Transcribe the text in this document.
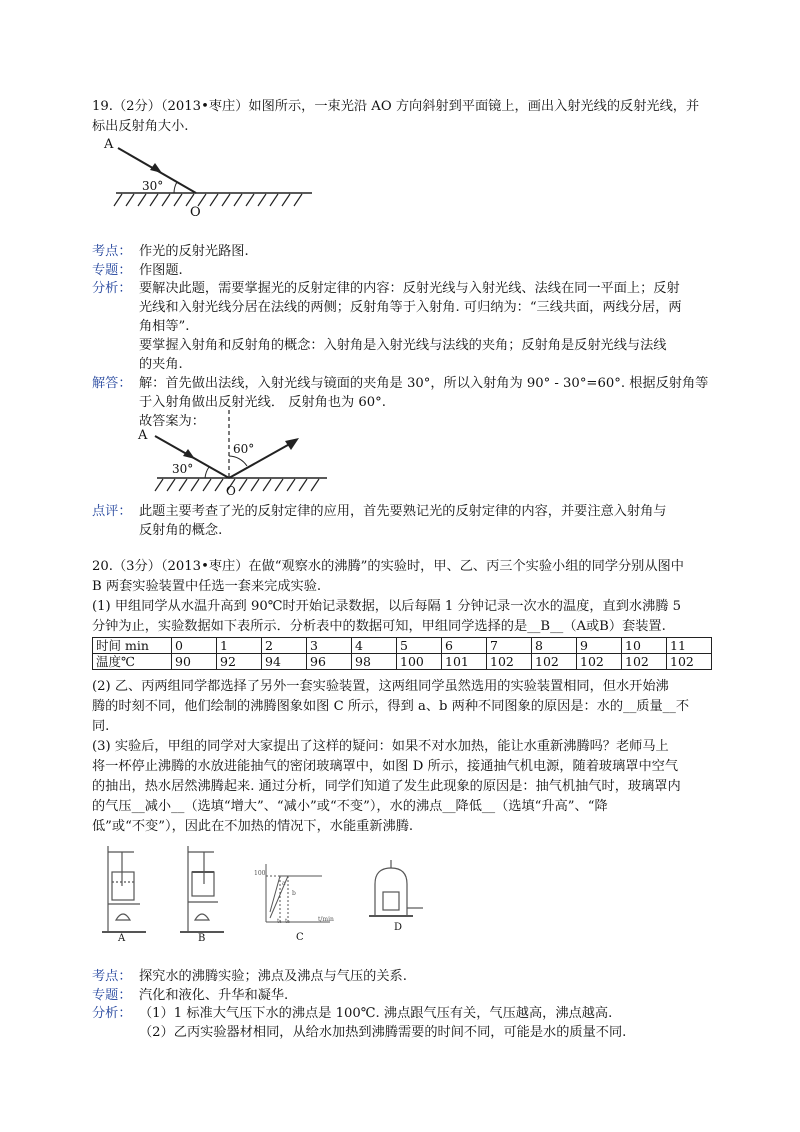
19.（2分）（2013•枣庄）如图所示，一束光沿 AO 方向斜射到平面镜上，画出入射光线的反射光线，并
标出反射角大小.
A
30°
O
考点： 作光的反射光路图.
专题： 作图题.
分析： 要解决此题，需要掌握光的反射定律的内容：反射光线与入射光线、法线在同一平面上；反射
光线和入射光线分居在法线的两侧；反射角等于入射角. 可归纳为：“三线共面，两线分居，两
角相等”.
要掌握入射角和反射角的概念：入射角是入射光线与法线的夹角；反射角是反射光线与法线
的夹角.
解答： 解：首先做出法线，入射光线与镜面的夹角是 30°，所以入射角为 90° - 30°=60°. 根据反射角等
于入射角做出反射光线． 反射角也为 60°.
故答案为：
A
60°
30°
O
点评： 此题主要考查了光的反射定律的应用，首先要熟记光的反射定律的内容，并要注意入射角与
反射角的概念.
20.（3分）（2013•枣庄）在做“观察水的沸腾”的实验时，甲、乙、丙三个实验小组的同学分别从图中
B 两套实验装置中任选一套来完成实验.
(1) 甲组同学从水温升高到 90℃时开始记录数据，以后每隔 1 分钟记录一次水的温度，直到水沸腾 5
分钟为止，实验数据如下表所示．分析表中的数据可知，甲组同学选择的是__B__（A或B）套装置.
时间 min	0	1	2	3	4	5	6	7	8	9	10	11
温度℃	90	92	94	96	98	100	101	102	102	102	102	102
(2) 乙、丙两组同学都选择了另外一套实验装置，这两组同学虽然选用的实验装置相同，但水开始沸
腾的时刻不同，他们绘制的沸腾图象如图 C 所示，得到 a、b 两种不同图象的原因是：水的__质量__不
同.
(3) 实验后，甲组的同学对大家提出了这样的疑问：如果不对水加热，能让水重新沸腾吗？老师马上
将一杯停止沸腾的水放进能抽气的密闭玻璃罩中，如图 D 所示，接通抽气机电源，随着玻璃罩中空气
的抽出，热水居然沸腾起来. 通过分析，同学们知道了发生此现象的原因是：抽气机抽气时，玻璃罩内
的气压__减小__（选填“增大”、“减小”或“不变”），水的沸点__降低__（选填“升高”、“降
低”或“不变”），因此在不加热的情况下，水能重新沸腾.
A	B
100
a
b
t/min
t₁ t₂
C
D
考点： 探究水的沸腾实验；沸点及沸点与气压的关系.
专题： 汽化和液化、升华和凝华.
分析： （1）1 标准大气压下水的沸点是 100℃. 沸点跟气压有关，气压越高，沸点越高.
（2）乙丙实验器材相同，从给水加热到沸腾需要的时间不同，可能是水的质量不同.
